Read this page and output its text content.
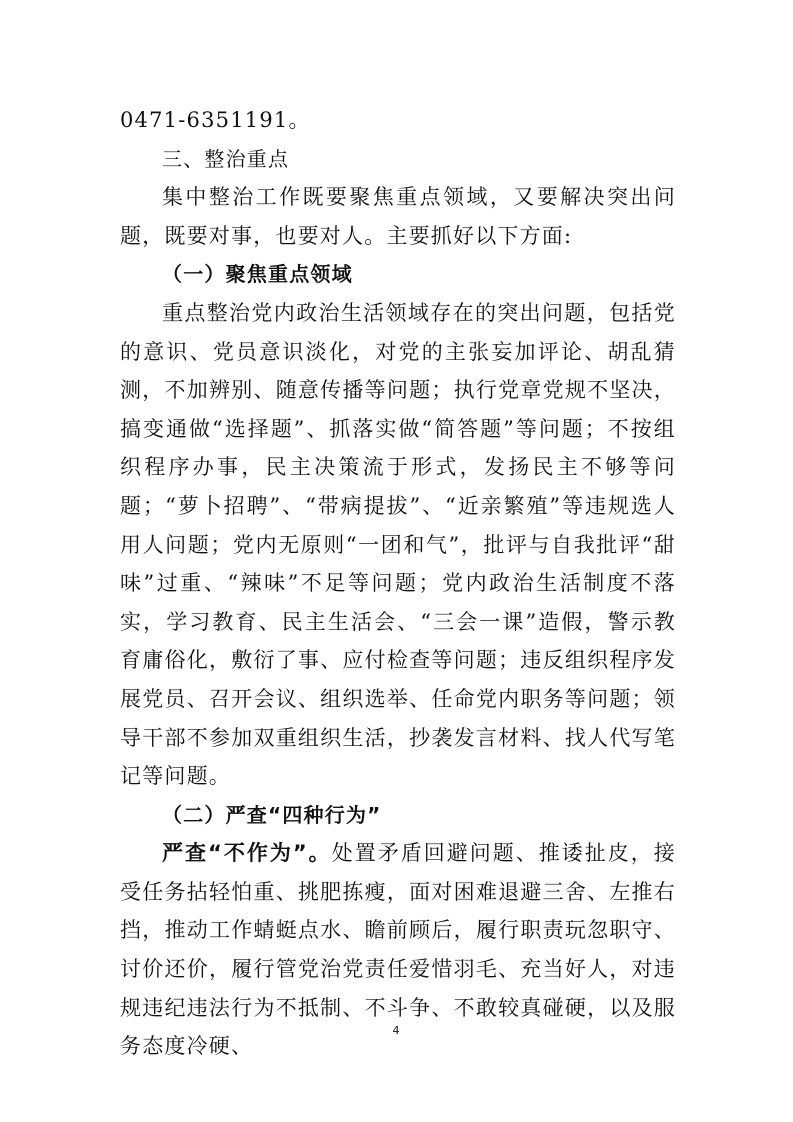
0471-6351191。

三、整治重点

集中整治工作既要聚焦重点领域，又要解决突出问题，既要对事，也要对人。主要抓好以下方面:

（一）聚焦重点领域

重点整治党内政治生活领域存在的突出问题，包括党的意识、党员意识淡化，对党的主张妄加评论、胡乱猜测，不加辨别、随意传播等问题；执行党章党规不坚决，搞变通做“选择题”、抓落实做“简答题”等问题；不按组织程序办事，民主决策流于形式，发扬民主不够等问题；“萝卜招聘”、“带病提拔”、“近亲繁殖”等违规选人用人问题；党内无原则“一团和气”，批评与自我批评“甜味”过重、“辣味”不足等问题；党内政治生活制度不落实，学习教育、民主生活会、“三会一课”造假，警示教育庸俗化，敷衍了事、应付检查等问题；违反组织程序发展党员、召开会议、组织选举、任命党内职务等问题；领导干部不参加双重组织生活，抄袭发言材料、找人代写笔记等问题。

（二）严查“四种行为”

严查“不作为”。处置矛盾回避问题、推诿扯皮，接受任务拈轻怕重、挑肥拣瘦，面对困难退避三舍、左推右挡，推动工作蜻蜓点水、瞻前顾后，履行职责玩忽职守、讨价还价，履行管党治党责任爱惜羽毛、充当好人，对违规违纪违法行为不抵制、不斗争、不敢较真碰硬，以及服务态度冷硬、

4
